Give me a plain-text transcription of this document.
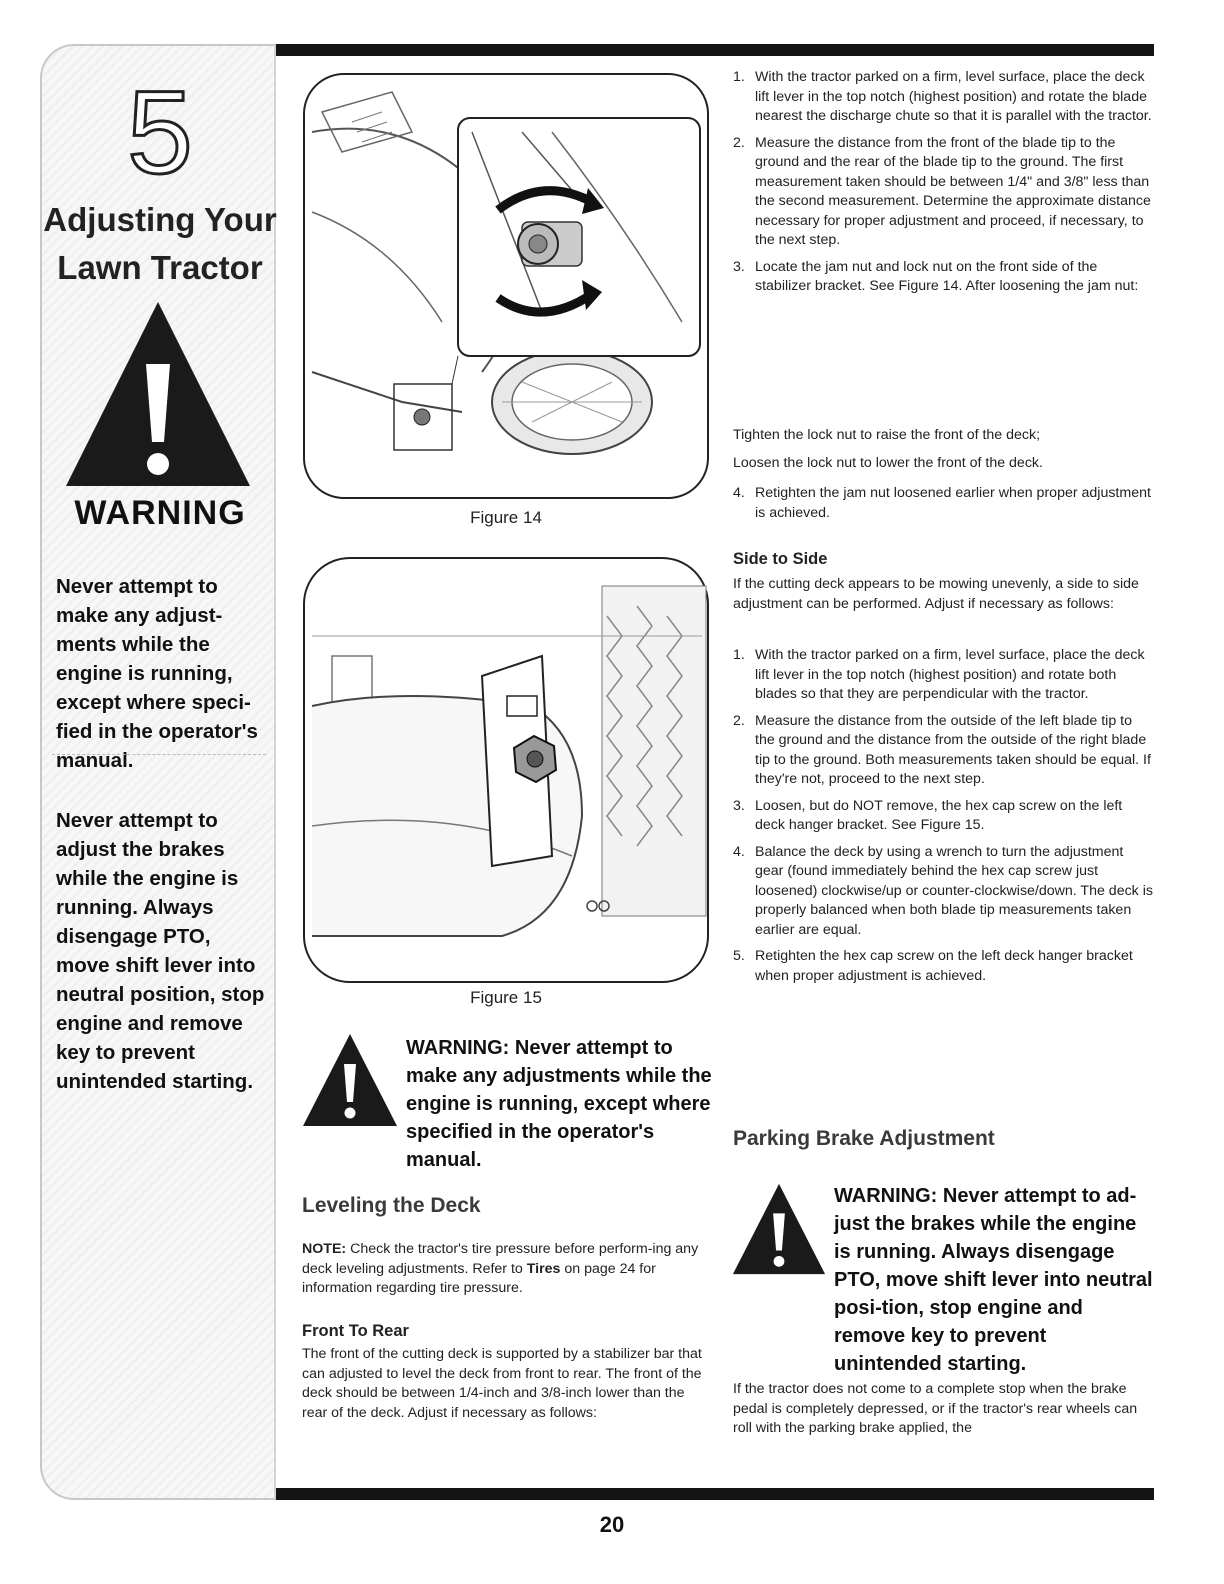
5
Adjusting Your Lawn Tractor
WARNING
Never attempt to make any adjust-ments while the engine is running, except where speci-fied in the operator's manual.
Never attempt to adjust the brakes while the engine is running. Always disengage PTO, move shift lever into neutral position, stop engine and remove key to prevent unintended starting.
Figure 14
Figure 15
WARNING: Never attempt to make any adjustments while the engine is running, except where specified in the operator's manual.
Leveling the Deck
NOTE: Check the tractor's tire pressure before perform-ing any deck leveling adjustments. Refer to Tires on page 24 for information regarding tire pressure.
Front To Rear
The front of the cutting deck is supported by a stabilizer bar that can adjusted to level the deck from front to rear. The front of the deck should be between 1/4-inch and 3/8-inch lower than the rear of the deck. Adjust if necessary as follows:
1. With the tractor parked on a firm, level surface, place the deck lift lever in the top notch (highest position) and rotate the blade nearest the discharge chute so that it is parallel with the tractor.
2. Measure the distance from the front of the blade tip to the ground and the rear of the blade tip to the ground. The first measurement taken should be between 1/4" and 3/8" less than the second measurement. Determine the approximate distance necessary for proper adjustment and proceed, if necessary, to the next step.
3. Locate the jam nut and lock nut on the front side of the stabilizer bracket. See Figure 14. After loosening the jam nut:
Tighten the lock nut to raise the front of the deck;
Loosen the lock nut to lower the front of the deck.
4. Retighten the jam nut loosened earlier when proper adjustment is achieved.
Side to Side
If the cutting deck appears to be mowing unevenly, a side to side adjustment can be performed. Adjust if necessary as follows:
1. With the tractor parked on a firm, level surface, place the deck lift lever in the top notch (highest position) and rotate both blades so that they are perpendicular with the tractor.
2. Measure the distance from the outside of the left blade tip to the ground and the distance from the outside of the right blade tip to the ground. Both measurements taken should be equal. If they're not, proceed to the next step.
3. Loosen, but do NOT remove, the hex cap screw on the left deck hanger bracket. See Figure 15.
4. Balance the deck by using a wrench to turn the adjustment gear (found immediately behind the hex cap screw just loosened) clockwise/up or counter-clockwise/down. The deck is properly balanced when both blade tip measurements taken earlier are equal.
5. Retighten the hex cap screw on the left deck hanger bracket when proper adjustment is achieved.
Parking Brake Adjustment
WARNING: Never attempt to ad-just the brakes while the engine is running. Always disengage PTO, move shift lever into neutral posi-tion, stop engine and remove key to prevent unintended starting.
If the tractor does not come to a complete stop when the brake pedal is completely depressed, or if the tractor's rear wheels can roll with the parking brake applied, the
20
